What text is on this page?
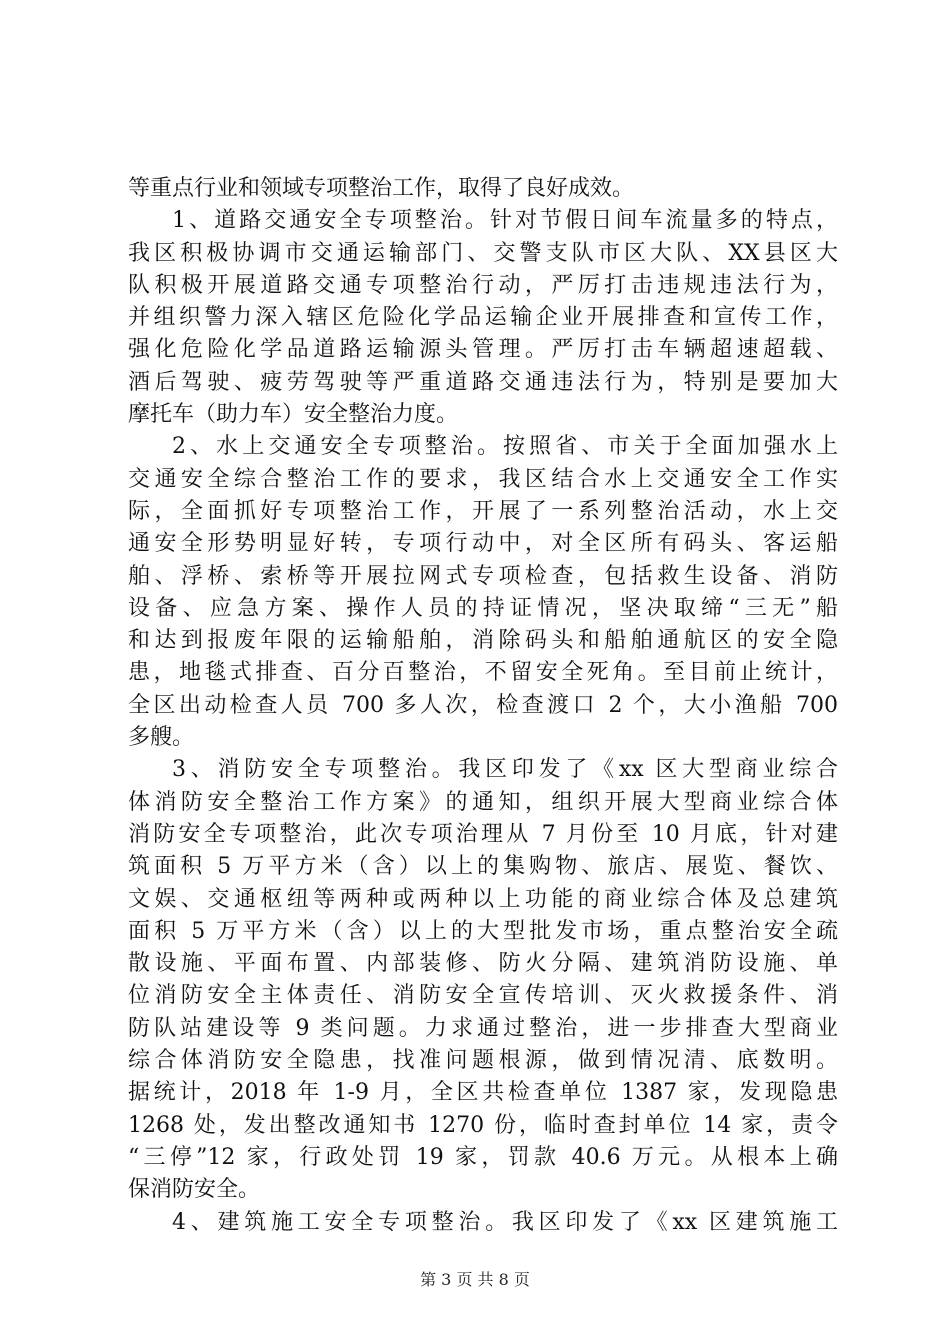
等重点行业和领域专项整治工作，取得了良好成效。
1、道路交通安全专项整治。针对节假日间车流量多的特点，
我区积极协调市交通运输部门、交警支队市区大队、XX县区大
队积极开展道路交通专项整治行动，严厉打击违规违法行为，
并组织警力深入辖区危险化学品运输企业开展排查和宣传工作，
强化危险化学品道路运输源头管理。严厉打击车辆超速超载、
酒后驾驶、疲劳驾驶等严重道路交通违法行为，特别是要加大
摩托车（助力车）安全整治力度。
2、水上交通安全专项整治。按照省、市关于全面加强水上
交通安全综合整治工作的要求，我区结合水上交通安全工作实
际，全面抓好专项整治工作，开展了一系列整治活动，水上交
通安全形势明显好转，专项行动中，对全区所有码头、客运船
舶、浮桥、索桥等开展拉网式专项检查，包括救生设备、消防
设备、应急方案、操作人员的持证情况，坚决取缔“三无”船
和达到报废年限的运输船舶，消除码头和船舶通航区的安全隐
患，地毯式排查、百分百整治，不留安全死角。至目前止统计，
全区出动检查人员 700 多人次，检查渡口 2 个，大小渔船 700
多艘。
3、消防安全专项整治。我区印发了《xx 区大型商业综合
体消防安全整治工作方案》的通知，组织开展大型商业综合体
消防安全专项整治，此次专项治理从 7 月份至 10 月底，针对建
筑面积 5 万平方米（含）以上的集购物、旅店、展览、餐饮、
文娱、交通枢纽等两种或两种以上功能的商业综合体及总建筑
面积 5 万平方米（含）以上的大型批发市场，重点整治安全疏
散设施、平面布置、内部装修、防火分隔、建筑消防设施、单
位消防安全主体责任、消防安全宣传培训、灭火救援条件、消
防队站建设等 9 类问题。力求通过整治，进一步排查大型商业
综合体消防安全隐患，找准问题根源，做到情况清、底数明。
据统计，2018 年 1-9 月，全区共检查单位 1387 家，发现隐患
1268 处，发出整改通知书 1270 份，临时查封单位 14 家，责令
“三停”12 家，行政处罚 19 家，罚款 40.6 万元。从根本上确
保消防安全。
4、建筑施工安全专项整治。我区印发了《xx 区建筑施工
第 3 页 共 8 页
